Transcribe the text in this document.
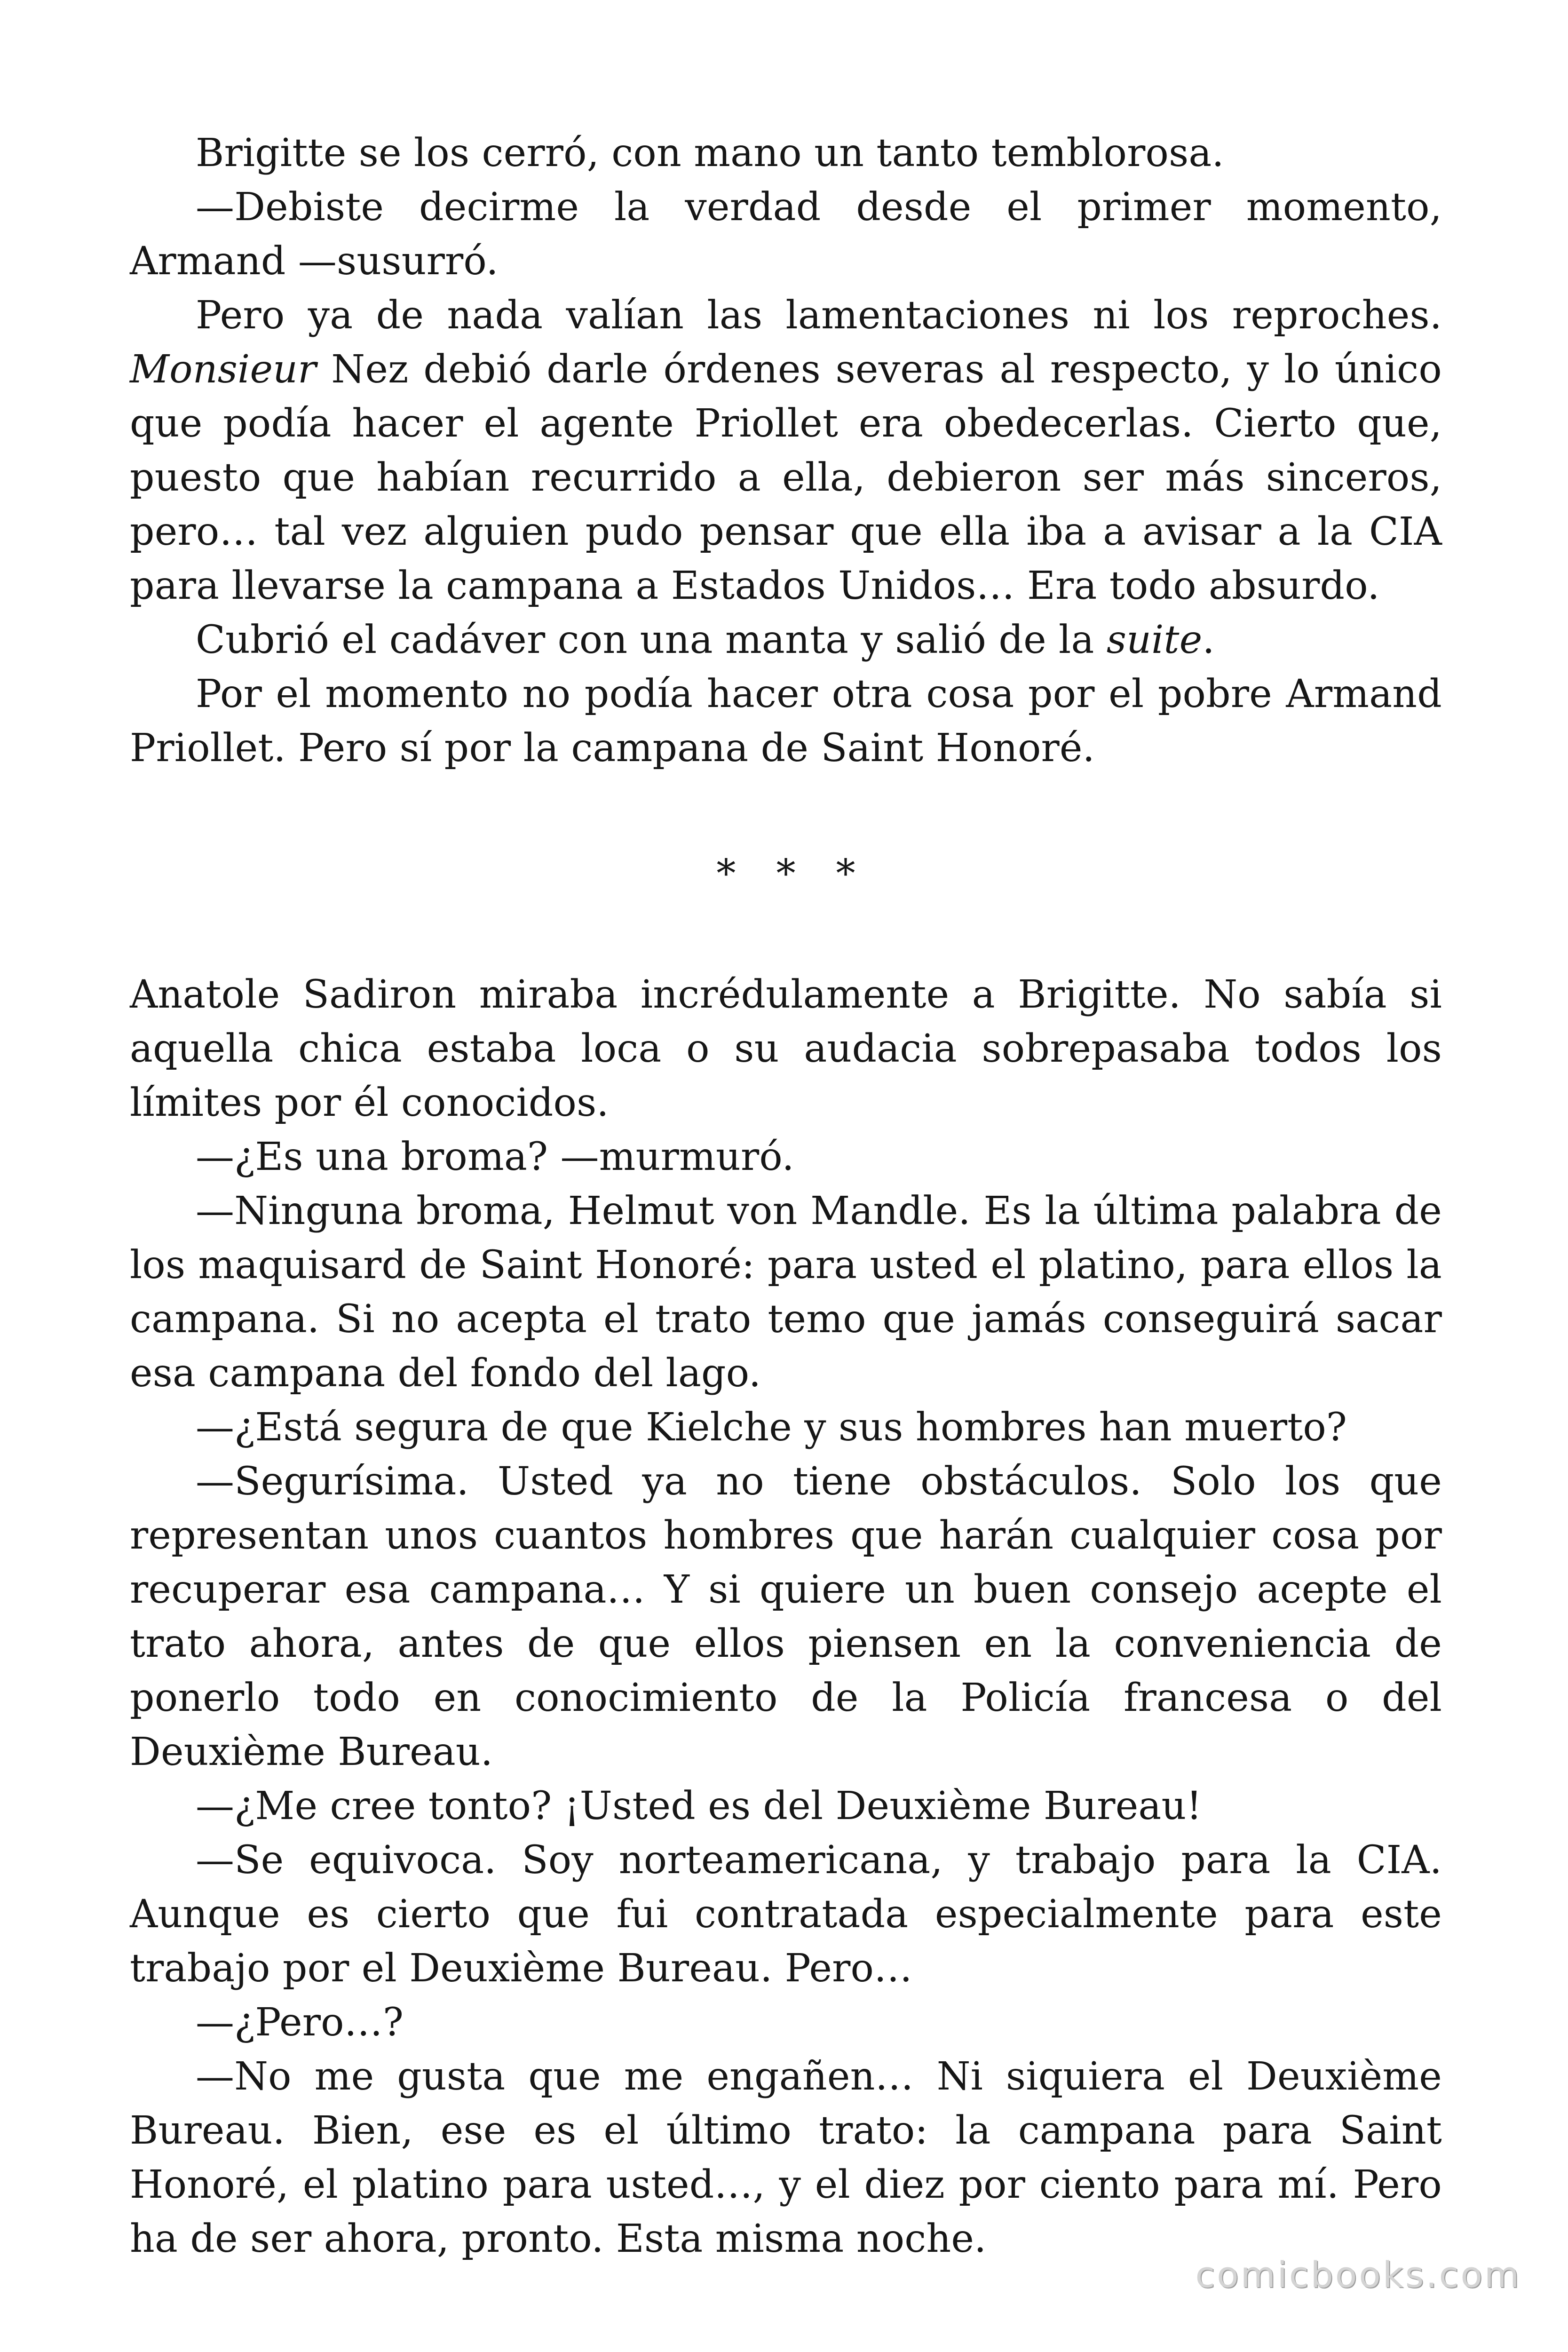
Brigitte se los cerró, con mano un tanto temblorosa.

—Debiste decirme la verdad desde el primer momento, Armand —susurró.

Pero ya de nada valían las lamentaciones ni los reproches. Monsieur Nez debió darle órdenes severas al respecto, y lo único que podía hacer el agente Priollet era obedecerlas. Cierto que, puesto que habían recurrido a ella, debieron ser más sinceros, pero… tal vez alguien pudo pensar que ella iba a avisar a la CIA para llevarse la campana a Estados Unidos… Era todo absurdo.

Cubrió el cadáver con una manta y salió de la suite.

Por el momento no podía hacer otra cosa por el pobre Armand Priollet. Pero sí por la campana de Saint Honoré.

* * *

Anatole Sadiron miraba incrédulamente a Brigitte. No sabía si aquella chica estaba loca o su audacia sobrepasaba todos los límites por él conocidos.

—¿Es una broma? —murmuró.

—Ninguna broma, Helmut von Mandle. Es la última palabra de los maquisard de Saint Honoré: para usted el platino, para ellos la campana. Si no acepta el trato temo que jamás conseguirá sacar esa campana del fondo del lago.

—¿Está segura de que Kielche y sus hombres han muerto?

—Segurísima. Usted ya no tiene obstáculos. Solo los que representan unos cuantos hombres que harán cualquier cosa por recuperar esa campana… Y si quiere un buen consejo acepte el trato ahora, antes de que ellos piensen en la conveniencia de ponerlo todo en conocimiento de la Policía francesa o del Deuxième Bureau.

—¿Me cree tonto? ¡Usted es del Deuxième Bureau!

—Se equivoca. Soy norteamericana, y trabajo para la CIA. Aunque es cierto que fui contratada especialmente para este trabajo por el Deuxième Bureau. Pero…

—¿Pero…?

—No me gusta que me engañen… Ni siquiera el Deuxième Bureau. Bien, ese es el último trato: la campana para Saint Honoré, el platino para usted…, y el diez por ciento para mí. Pero ha de ser ahora, pronto. Esta misma noche.

comicbooks.com
